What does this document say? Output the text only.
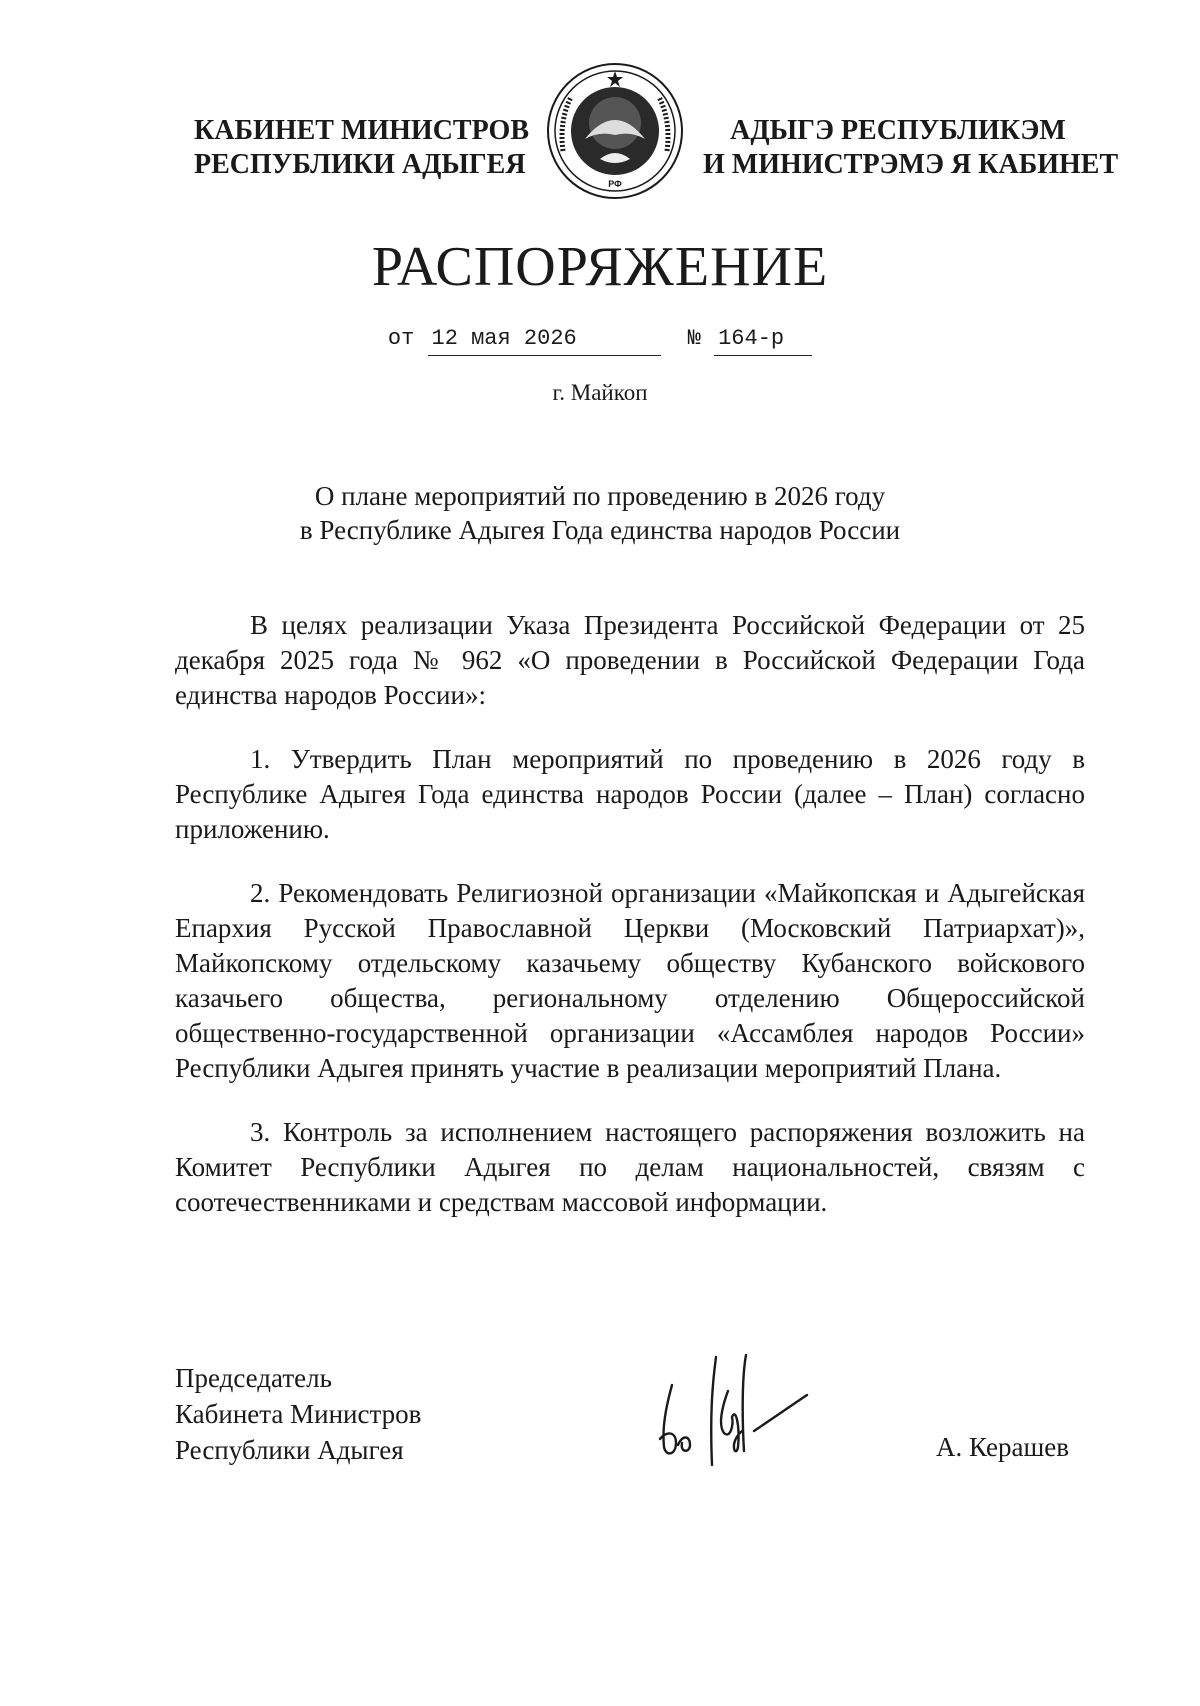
КАБИНЕТ МИНИСТРОВ
РЕСПУБЛИКИ АДЫГЕЯ
РФ
АДЫГЭ РЕСПУБЛИКЭМ
И МИНИСТРЭМЭ Я КАБИНЕТ
РАСПОРЯЖЕНИЕ
от 12 мая 2026	№ 164-р
г. Майкоп
О плане мероприятий по проведению в 2026 году
в Республике Адыгея Года единства народов России

В целях реализации Указа Президента Российской Федерации от 25 декабря 2025 года № 962 «О проведении в Российской Федерации Года единства народов России»:

1. Утвердить План мероприятий по проведению в 2026 году в Республике Адыгея Года единства народов России (далее – План) согласно приложению.

2. Рекомендовать Религиозной организации «Майкопская и Адыгейская Епархия Русской Православной Церкви (Московский Патриархат)», Майкопскому отдельскому казачьему обществу Кубанского войскового казачьего общества, региональному отделению Общероссийской общественно-государственной организации «Ассамблея народов России» Республики Адыгея принять участие в реализации мероприятий Плана.

3. Контроль за исполнением настоящего распоряжения возложить на Комитет Республики Адыгея по делам национальностей, связям с соотечественниками и средствам массовой информации.

Председатель
Кабинета Министров
Республики Адыгея	А. Керашев
